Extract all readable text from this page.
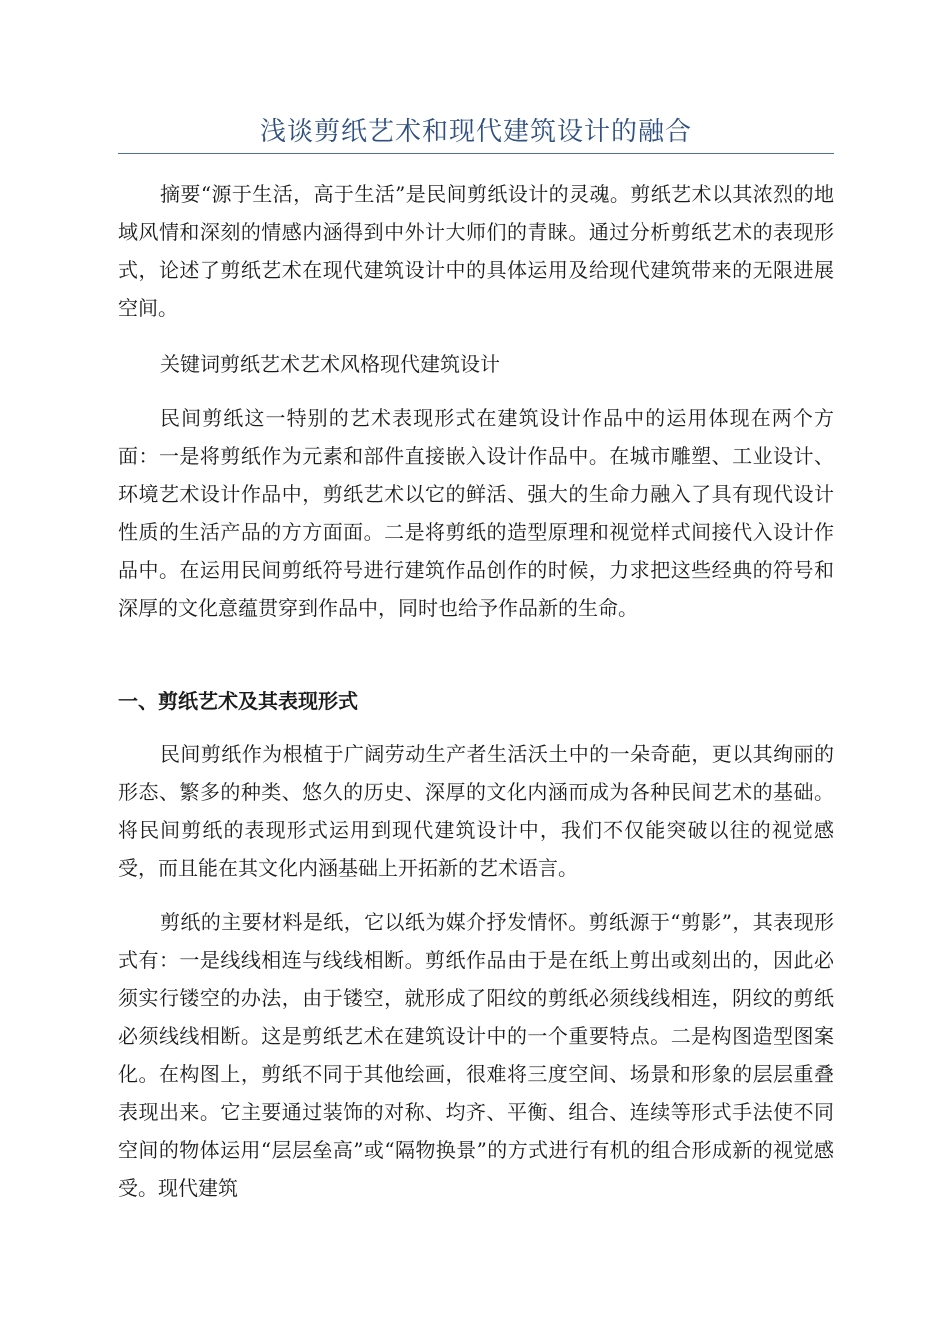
浅谈剪纸艺术和现代建筑设计的融合

摘要“源于生活，高于生活”是民间剪纸设计的灵魂。剪纸艺术以其浓烈的地域风情和深刻的情感内涵得到中外计大师们的青睐。通过分析剪纸艺术的表现形式，论述了剪纸艺术在现代建筑设计中的具体运用及给现代建筑带来的无限进展空间。

关键词剪纸艺术艺术风格现代建筑设计

民间剪纸这一特别的艺术表现形式在建筑设计作品中的运用体现在两个方面：一是将剪纸作为元素和部件直接嵌入设计作品中。在城市雕塑、工业设计、环境艺术设计作品中，剪纸艺术以它的鲜活、强大的生命力融入了具有现代设计性质的生活产品的方方面面。二是将剪纸的造型原理和视觉样式间接代入设计作品中。在运用民间剪纸符号进行建筑作品创作的时候，力求把这些经典的符号和深厚的文化意蕴贯穿到作品中，同时也给予作品新的生命。

一、剪纸艺术及其表现形式

民间剪纸作为根植于广阔劳动生产者生活沃土中的一朵奇葩，更以其绚丽的形态、繁多的种类、悠久的历史、深厚的文化内涵而成为各种民间艺术的基础。将民间剪纸的表现形式运用到现代建筑设计中，我们不仅能突破以往的视觉感受，而且能在其文化内涵基础上开拓新的艺术语言。

剪纸的主要材料是纸，它以纸为媒介抒发情怀。剪纸源于“剪影”，其表现形式有：一是线线相连与线线相断。剪纸作品由于是在纸上剪出或刻出的，因此必须实行镂空的办法，由于镂空，就形成了阳纹的剪纸必须线线相连，阴纹的剪纸必须线线相断。这是剪纸艺术在建筑设计中的一个重要特点。二是构图造型图案化。在构图上，剪纸不同于其他绘画，很难将三度空间、场景和形象的层层重叠表现出来。它主要通过装饰的对称、均齐、平衡、组合、连续等形式手法使不同空间的物体运用“层层垒高”或“隔物换景”的方式进行有机的组合形成新的视觉感受。现代建筑
